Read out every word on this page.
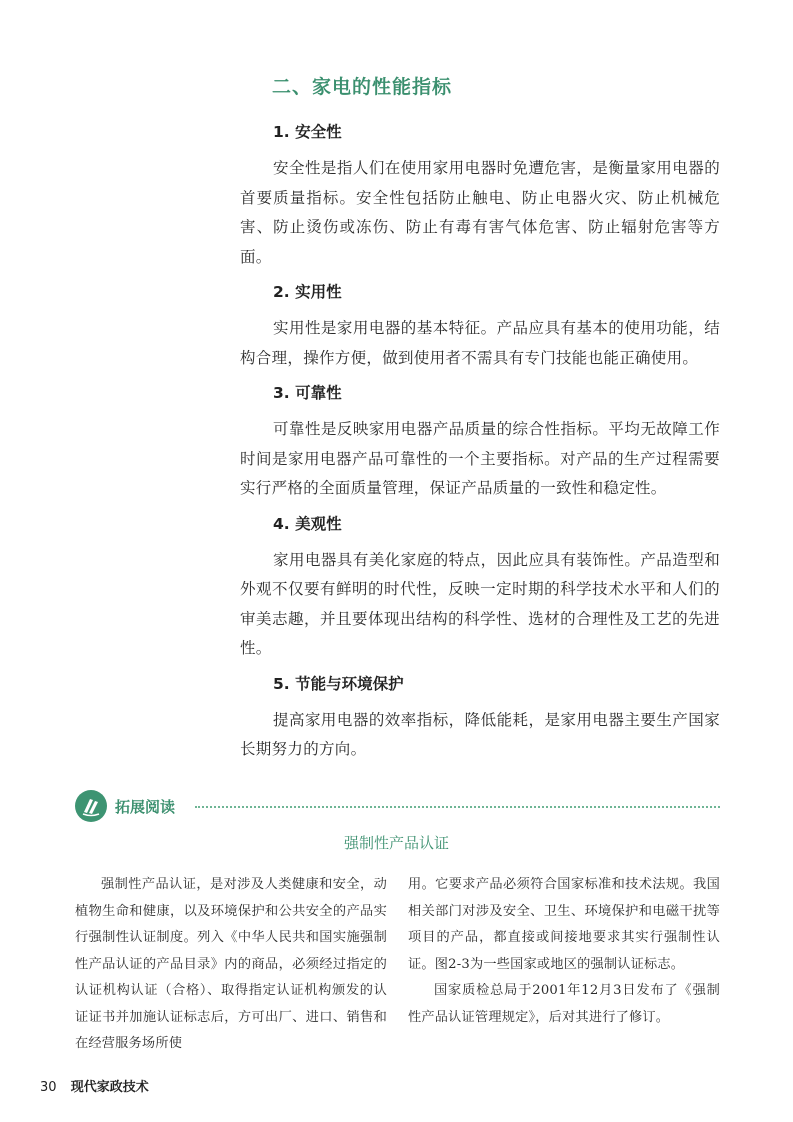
二、家电的性能指标
1. 安全性

安全性是指人们在使用家用电器时免遭危害，是衡量家用电器的首要质量指标。安全性包括防止触电、防止电器火灾、防止机械危害、防止烫伤或冻伤、防止有毒有害气体危害、防止辐射危害等方面。

2. 实用性

实用性是家用电器的基本特征。产品应具有基本的使用功能，结构合理，操作方便，做到使用者不需具有专门技能也能正确使用。

3. 可靠性

可靠性是反映家用电器产品质量的综合性指标。平均无故障工作时间是家用电器产品可靠性的一个主要指标。对产品的生产过程需要实行严格的全面质量管理，保证产品质量的一致性和稳定性。

4. 美观性

家用电器具有美化家庭的特点，因此应具有装饰性。产品造型和外观不仅要有鲜明的时代性，反映一定时期的科学技术水平和人们的审美志趣，并且要体现出结构的科学性、选材的合理性及工艺的先进性。

5. 节能与环境保护

提高家用电器的效率指标，降低能耗，是家用电器主要生产国家长期努力的方向。

拓展阅读
强制性产品认证

强制性产品认证，是对涉及人类健康和安全，动植物生命和健康，以及环境保护和公共安全的产品实行强制性认证制度。列入《中华人民共和国实施强制性产品认证的产品目录》内的商品，必须经过指定的认证机构认证（合格）、取得指定认证机构颁发的认证证书并加施认证标志后，方可出厂、进口、销售和在经营服务场所使

用。它要求产品必须符合国家标准和技术法规。我国相关部门对涉及安全、卫生、环境保护和电磁干扰等项目的产品，都直接或间接地要求其实行强制性认证。图2-3为一些国家或地区的强制认证标志。

国家质检总局于2001年12月3日发布了《强制性产品认证管理规定》，后对其进行了修订。

30 现代家政技术
